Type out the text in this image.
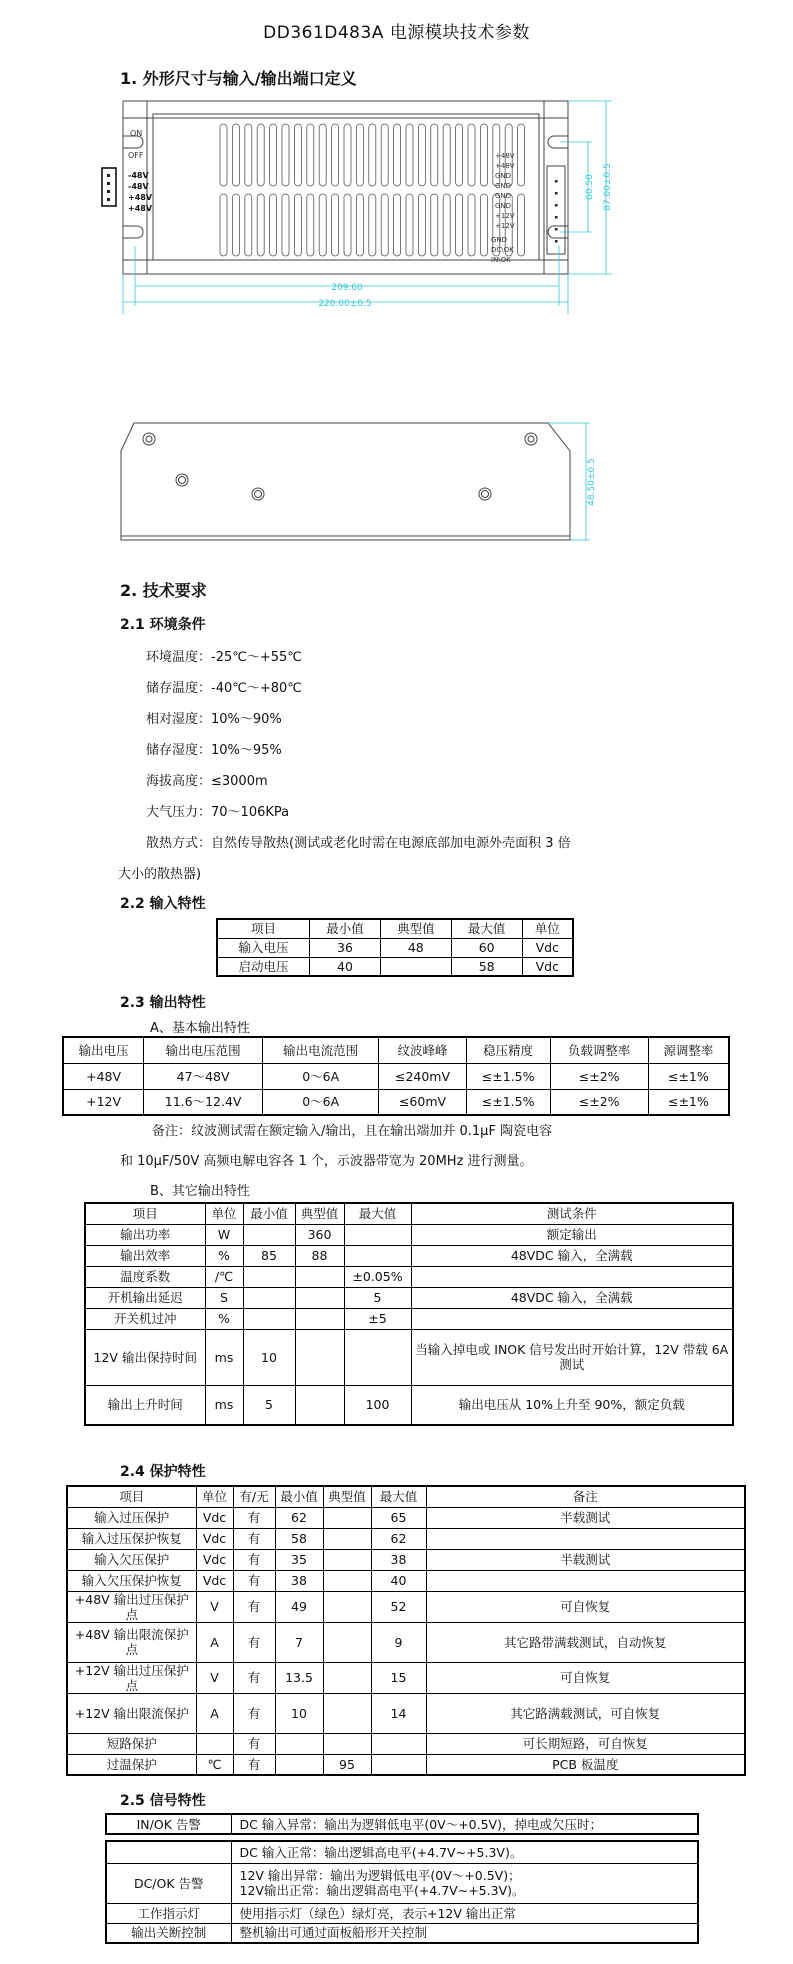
DD361D483A 电源模块技术参数
1. 外形尺寸与输入/输出端口定义
ON
OFF
-48V
-48V
+48V
+48V
+48V
+48V
GND
GND
GND
GND
+12V
+12V
GND
DC\OK
IN\OK
209.60
220.00±0.5
60.50 87.00±0.5
48.50±0.5
2. 技术要求
2.1 环境条件
环境温度：-25℃～+55℃
储存温度：-40℃～+80℃
相对湿度：10%～90%
储存湿度：10%～95%
海拔高度：≤3000m
大气压力：70～106KPa
散热方式：自然传导散热(测试或老化时需在电源底部加电源外壳面积 3 倍
大小的散热器)
2.2 输入特性
项目	最小值	典型值	最大值	单位
输入电压	36	48	60	Vdc
启动电压	40		58	Vdc
2.3 输出特性
A、基本输出特性
输出电压	输出电压范围	输出电流范围	纹波峰峰	稳压精度	负载调整率	源调整率
+48V	47～48V	0～6A	≤240mV	≤±1.5%	≤±2%	≤±1%
+12V	11.6～12.4V	0～6A	≤60mV	≤±1.5%	≤±2%	≤±1%
备注：纹波测试需在额定输入/输出，且在输出端加并 0.1μF 陶瓷电容
和 10μF/50V 高频电解电容各 1 个，示波器带宽为 20MHz 进行测量。
B、其它输出特性
项目	单位	最小值	典型值	最大值	测试条件
输出功率	W		360		额定输出
输出效率	%	85	88		48VDC 输入，全满载
温度系数	/℃			±0.05%	
开机输出延迟	S			5	48VDC 输入，全满载
开关机过冲	%			±5	
12V 输出保持时间	ms	10			当输入掉电或 INOK 信号发出时开始计算，12V 带载 6A 测试
输出上升时间	ms	5		100	输出电压从 10%上升至 90%，额定负载
2.4 保护特性
项目	单位	有/无	最小值	典型值	最大值	备注
输入过压保护	Vdc	有	62		65	半载测试
输入过压保护恢复	Vdc	有	58		62	
输入欠压保护	Vdc	有	35		38	半载测试
输入欠压保护恢复	Vdc	有	38		40	
+48V 输出过压保护点	V	有	49		52	可自恢复
+48V 输出限流保护点	A	有	7		9	其它路带满载测试，自动恢复
+12V 输出过压保护点	V	有	13.5		15	可自恢复
+12V 输出限流保护	A	有	10		14	其它路满载测试，可自恢复
短路保护		有				可长期短路，可自恢复
过温保护	℃	有		95		PCB 板温度
2.5 信号特性
IN/OK 告警	DC 输入异常：输出为逻辑低电平(0V～+0.5V)，掉电或欠压时；
	DC 输入正常：输出逻辑高电平(+4.7V~+5.3V)。
DC/OK 告警	12V 输出异常：输出为逻辑低电平(0V～+0.5V)；
12V输出正常：输出逻辑高电平(+4.7V~+5.3V)。

工作指示灯	使用指示灯（绿色）绿灯亮，表示+12V 输出正常
输出关断控制	整机输出可通过面板船形开关控制
